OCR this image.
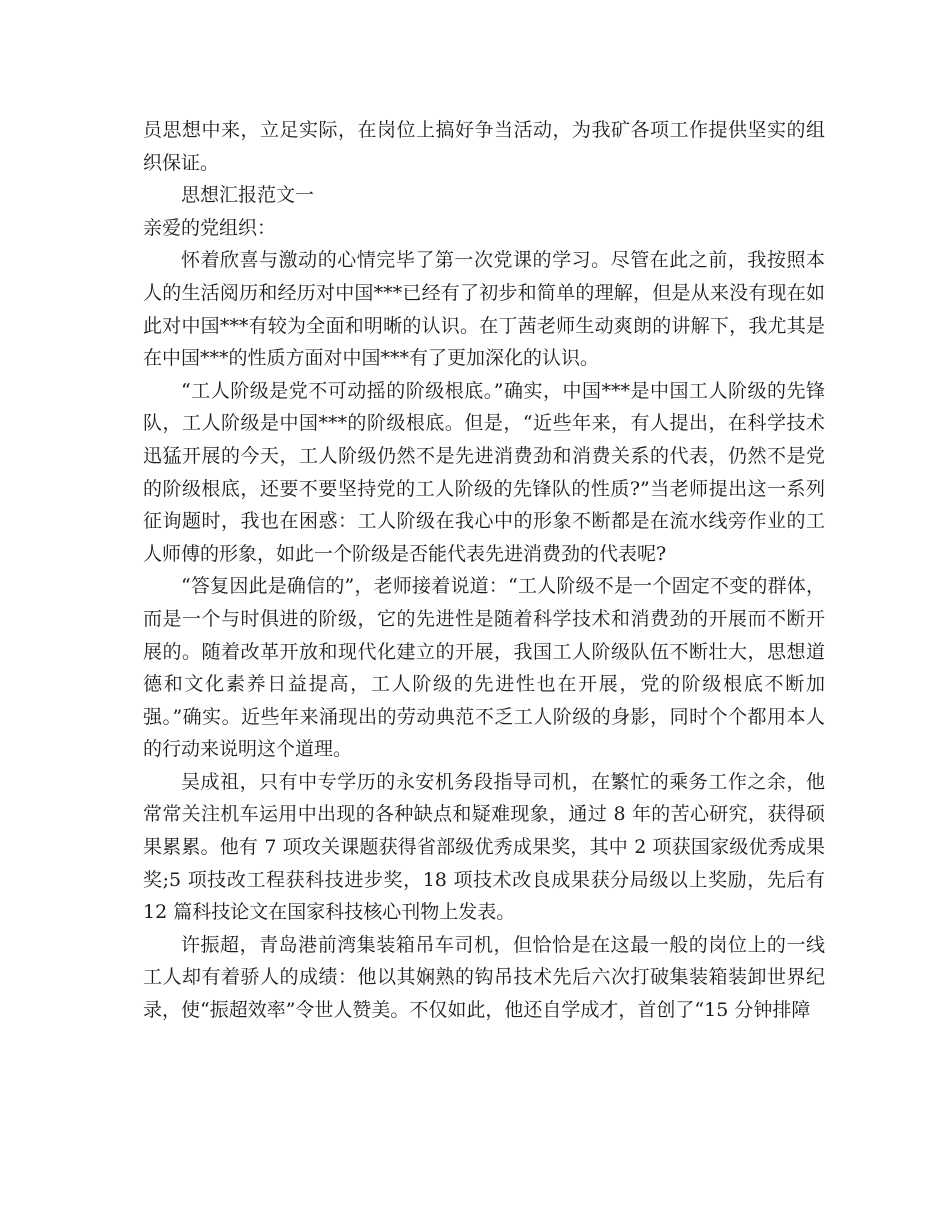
员思想中来，立足实际，在岗位上搞好争当活动，为我矿各项工作提供坚实的组织保证。

思想汇报范文一

亲爱的党组织：

怀着欣喜与激动的心情完毕了第一次党课的学习。尽管在此之前，我按照本人的生活阅历和经历对中国***已经有了初步和简单的理解，但是从来没有现在如此对中国***有较为全面和明晰的认识。在丁茜老师生动爽朗的讲解下，我尤其是在中国***的性质方面对中国***有了更加深化的认识。

“工人阶级是党不可动摇的阶级根底。”确实，中国***是中国工人阶级的先锋队，工人阶级是中国***的阶级根底。但是，“近些年来，有人提出，在科学技术迅猛开展的今天，工人阶级仍然不是先进消费劲和消费关系的代表，仍然不是党的阶级根底，还要不要坚持党的工人阶级的先锋队的性质?”当老师提出这一系列征询题时，我也在困惑：工人阶级在我心中的形象不断都是在流水线旁作业的工人师傅的形象，如此一个阶级是否能代表先进消费劲的代表呢?

“答复因此是确信的”，老师接着说道：“工人阶级不是一个固定不变的群体，而是一个与时俱进的阶级，它的先进性是随着科学技术和消费劲的开展而不断开展的。随着改革开放和现代化建立的开展，我国工人阶级队伍不断壮大，思想道德和文化素养日益提高，工人阶级的先进性也在开展，党的阶级根底不断加强。”确实。近些年来涌现出的劳动典范不乏工人阶级的身影，同时个个都用本人的行动来说明这个道理。

吴成祖，只有中专学历的永安机务段指导司机，在繁忙的乘务工作之余，他常常关注机车运用中出现的各种缺点和疑难现象，通过 8 年的苦心研究，获得硕果累累。他有 7 项攻关课题获得省部级优秀成果奖，其中 2 项获国家级优秀成果奖;5 项技改工程获科技进步奖，18 项技术改良成果获分局级以上奖励，先后有 12 篇科技论文在国家科技核心刊物上发表。

许振超，青岛港前湾集装箱吊车司机，但恰恰是在这最一般的岗位上的一线工人却有着骄人的成绩：他以其娴熟的钩吊技术先后六次打破集装箱装卸世界纪录，使“振超效率”令世人赞美。不仅如此，他还自学成才，首创了“15 分钟排障
